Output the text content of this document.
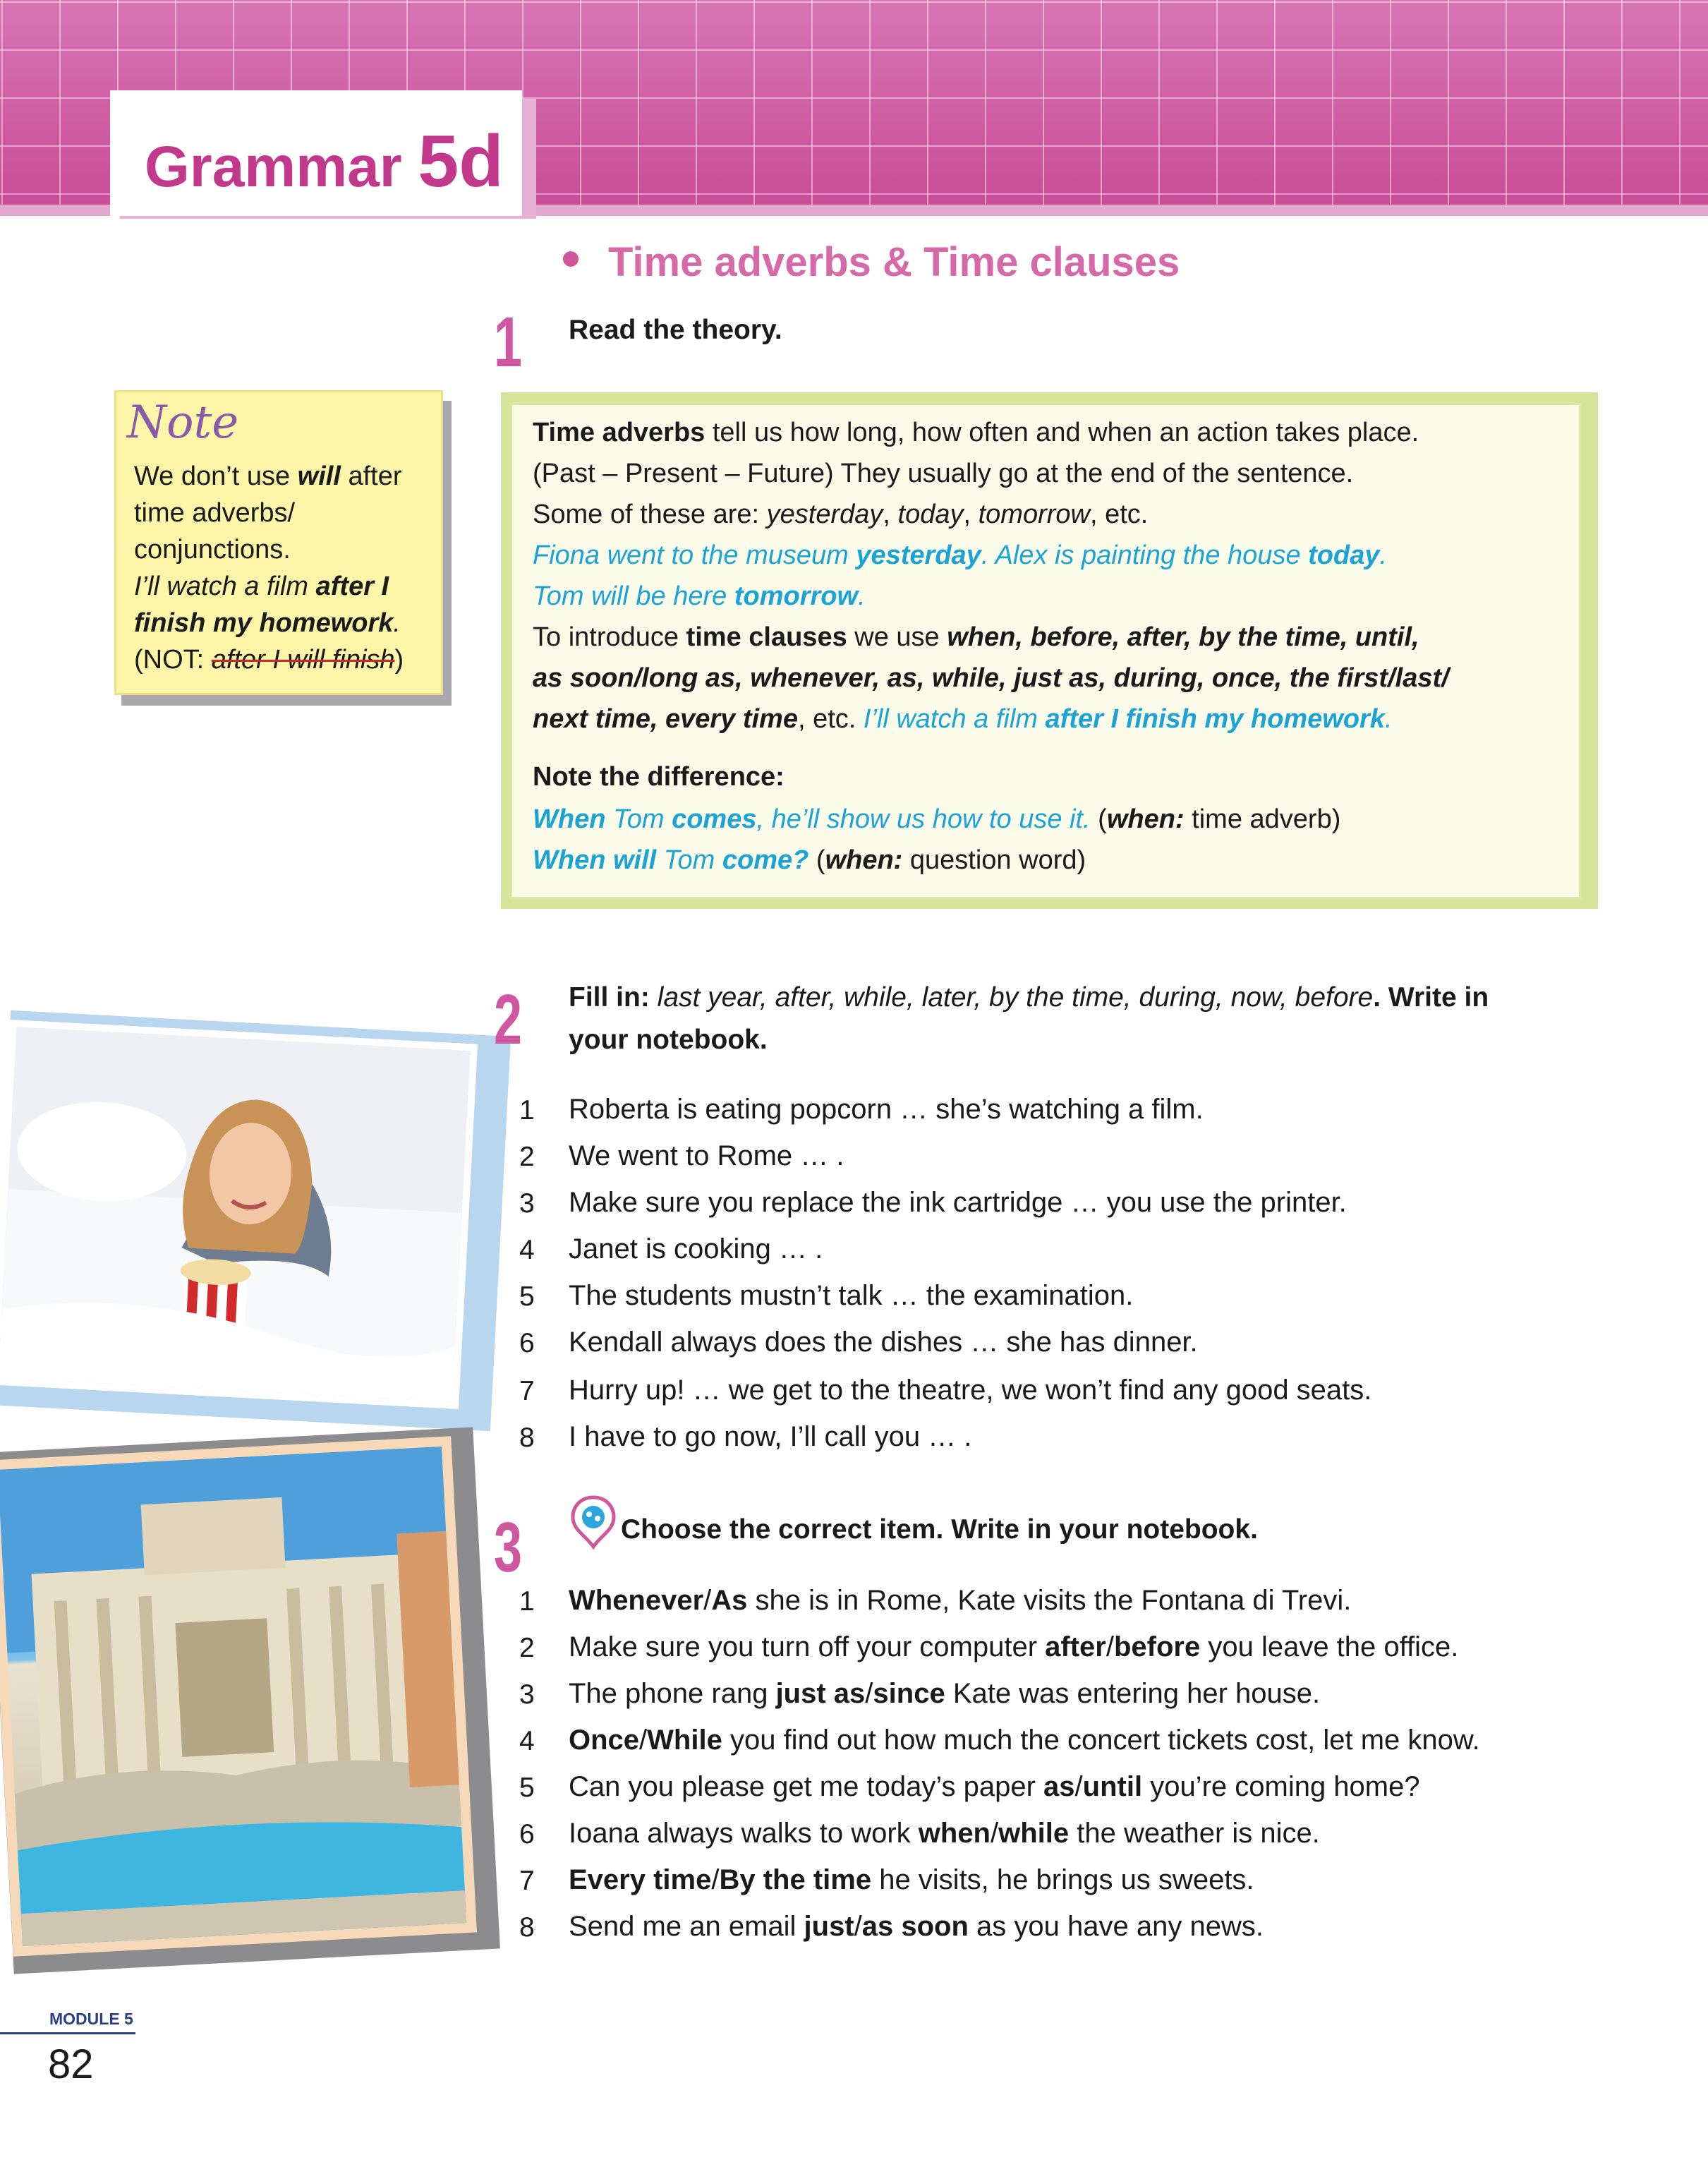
Grammar 5d
Time adverbs & Time clauses
1 Read the theory.
Time adverbs tell us how long, how often and when an action takes place.
(Past – Present – Future) They usually go at the end of the sentence.
Some of these are: yesterday, today, tomorrow, etc.
Fiona went to the museum yesterday. Alex is painting the house today.
Tom will be here tomorrow.
To introduce time clauses we use when, before, after, by the time, until,
as soon/long as, whenever, as, while, just as, during, once, the first/last/
next time, every time, etc. I’ll watch a film after I finish my homework.
Note the difference:
When Tom comes, he’ll show us how to use it. (when: time adverb)
When will Tom come? (when: question word)
Note
We don’t use will after
time adverbs/
conjunctions.
I’ll watch a film after I
finish my homework.
(NOT: after I will finish)
2 Fill in: last year, after, while, later, by the time, during, now, before. Write in
your notebook.
1 Roberta is eating popcorn … she’s watching a film.
2 We went to Rome … .
3 Make sure you replace the ink cartridge … you use the printer.
4 Janet is cooking … .
5 The students mustn’t talk … the examination.
6 Kendall always does the dishes … she has dinner.
7 Hurry up! … we get to the theatre, we won’t find any good seats.
8 I have to go now, I’ll call you … .
3	Choose the correct item. Write in your notebook.
1 Whenever/As she is in Rome, Kate visits the Fontana di Trevi.
2 Make sure you turn off your computer after/before you leave the office.
3 The phone rang just as/since Kate was entering her house.
4 Once/While you find out how much the concert tickets cost, let me know.
5 Can you please get me today’s paper as/until you’re coming home?
6 Ioana always walks to work when/while the weather is nice.
7 Every time/By the time he visits, he brings us sweets.
8 Send me an email just/as soon as you have any news.
MODULE 5
82
